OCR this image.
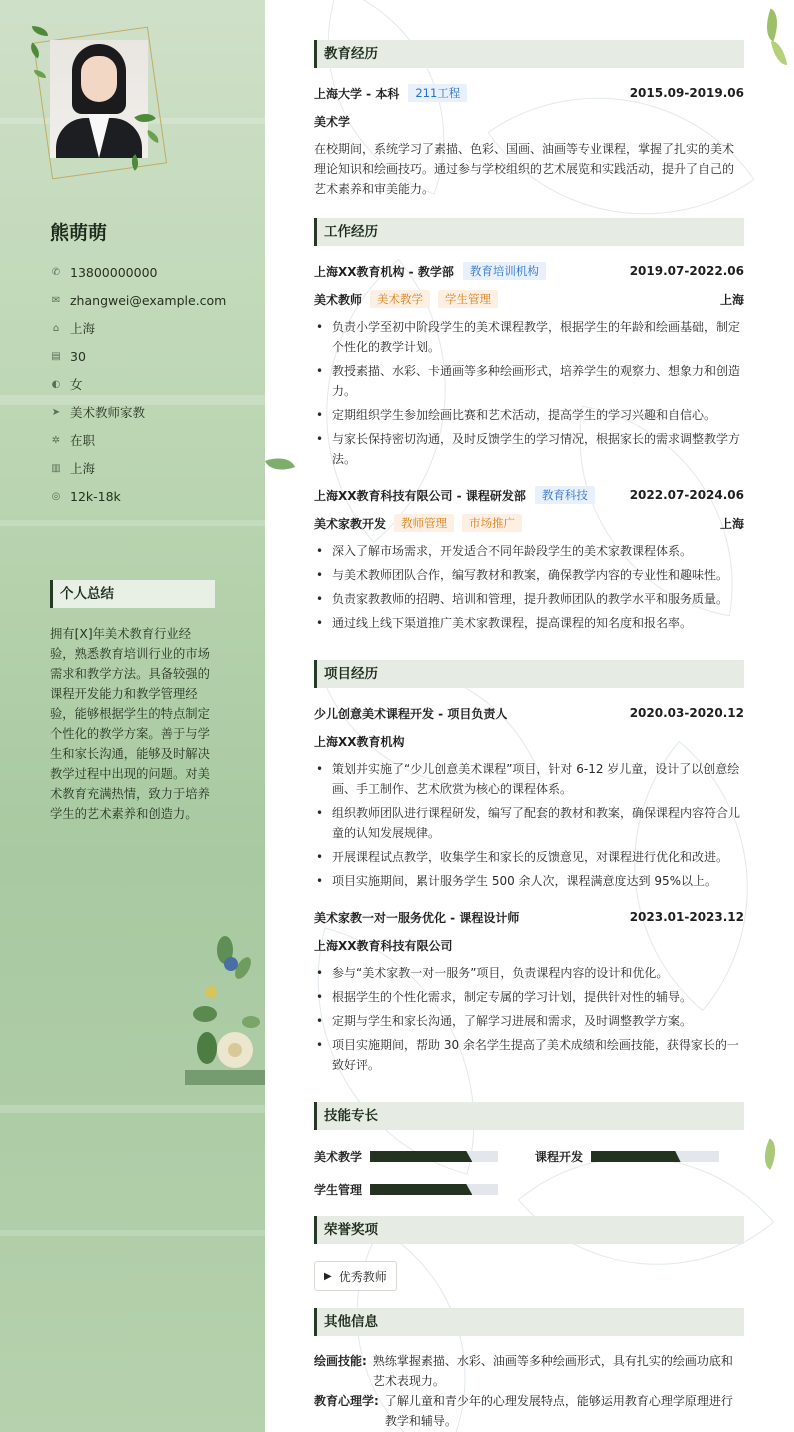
熊萌萌
✆ 13800000000
✉ zhangwei@example.com
⌂ 上海
▤ 30
◐ 女
➤ 美术教师家教
✲ 在职
▥ 上海
◎ 12k-18k
个人总结
拥有[X]年美术教育行业经验，熟悉教育培训行业的市场需求和教学方法。具备较强的课程开发能力和教学管理经验，能够根据学生的特点制定个性化的教学方案。善于与学生和家长沟通，能够及时解决教学过程中出现的问题。对美术教育充满热情，致力于培养学生的艺术素养和创造力。
教育经历
上海大学 - 本科	211工程	2015.09-2019.06
美术学
在校期间，系统学习了素描、色彩、国画、油画等专业课程，掌握了扎实的美术理论知识和绘画技巧。通过参与学校组织的艺术展览和实践活动，提升了自己的艺术素养和审美能力。
工作经历
上海XX教育机构 - 教学部	教育培训机构	2019.07-2022.06
美术教师	美术教学	学生管理	上海
• 负责小学至初中阶段学生的美术课程教学，根据学生的年龄和绘画基础，制定个性化的教学计划。
• 教授素描、水彩、卡通画等多种绘画形式，培养学生的观察力、想象力和创造力。
• 定期组织学生参加绘画比赛和艺术活动，提高学生的学习兴趣和自信心。
• 与家长保持密切沟通，及时反馈学生的学习情况，根据家长的需求调整教学方法。
上海XX教育科技有限公司 - 课程研发部	教育科技	2022.07-2024.06
美术家教开发	教师管理	市场推广	上海
• 深入了解市场需求，开发适合不同年龄段学生的美术家教课程体系。
• 与美术教师团队合作，编写教材和教案，确保教学内容的专业性和趣味性。
• 负责家教教师的招聘、培训和管理，提升教师团队的教学水平和服务质量。
• 通过线上线下渠道推广美术家教课程，提高课程的知名度和报名率。
项目经历
少儿创意美术课程开发 - 项目负责人	2020.03-2020.12
上海XX教育机构
• 策划并实施了“少儿创意美术课程”项目，针对 6-12 岁儿童，设计了以创意绘画、手工制作、艺术欣赏为核心的课程体系。
• 组织教师团队进行课程研发，编写了配套的教材和教案，确保课程内容符合儿童的认知发展规律。
• 开展课程试点教学，收集学生和家长的反馈意见，对课程进行优化和改进。
• 项目实施期间，累计服务学生 500 余人次，课程满意度达到 95%以上。
美术家教一对一服务优化 - 课程设计师	2023.01-2023.12
上海XX教育科技有限公司
• 参与“美术家教一对一服务”项目，负责课程内容的设计和优化。
• 根据学生的个性化需求，制定专属的学习计划，提供针对性的辅导。
• 定期与学生和家长沟通，了解学习进展和需求，及时调整教学方案。
• 项目实施期间，帮助 30 余名学生提高了美术成绩和绘画技能，获得家长的一致好评。
技能专长
美术教学	课程开发
学生管理
荣誉奖项
▶ 优秀教师
其他信息
绘画技能: 熟练掌握素描、水彩、油画等多种绘画形式，具有扎实的绘画功底和艺术表现力。
教育心理学: 了解儿童和青少年的心理发展特点，能够运用教育心理学原理进行教学和辅导。
